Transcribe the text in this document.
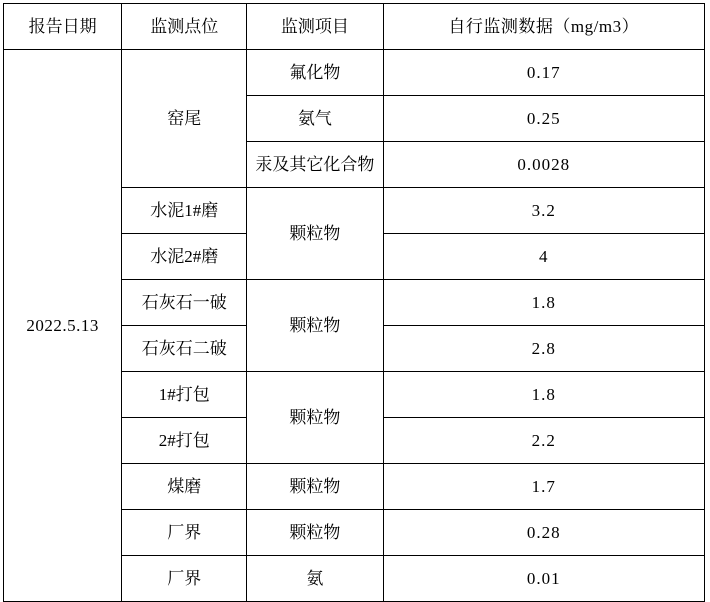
报告日期	监测点位	监测项目	自行监测数据（mg/m3）
2022.5.13	窑尾	氟化物	0.17
		氨气	0.25
		汞及其它化合物	0.0028
	水泥1#磨	颗粒物	3.2
	水泥2#磨		4
	石灰石一破	颗粒物	1.8
	石灰石二破		2.8
	1#打包	颗粒物	1.8
	2#打包		2.2
	煤磨	颗粒物	1.7
	厂界	颗粒物	0.28
	厂界	氨	0.01
